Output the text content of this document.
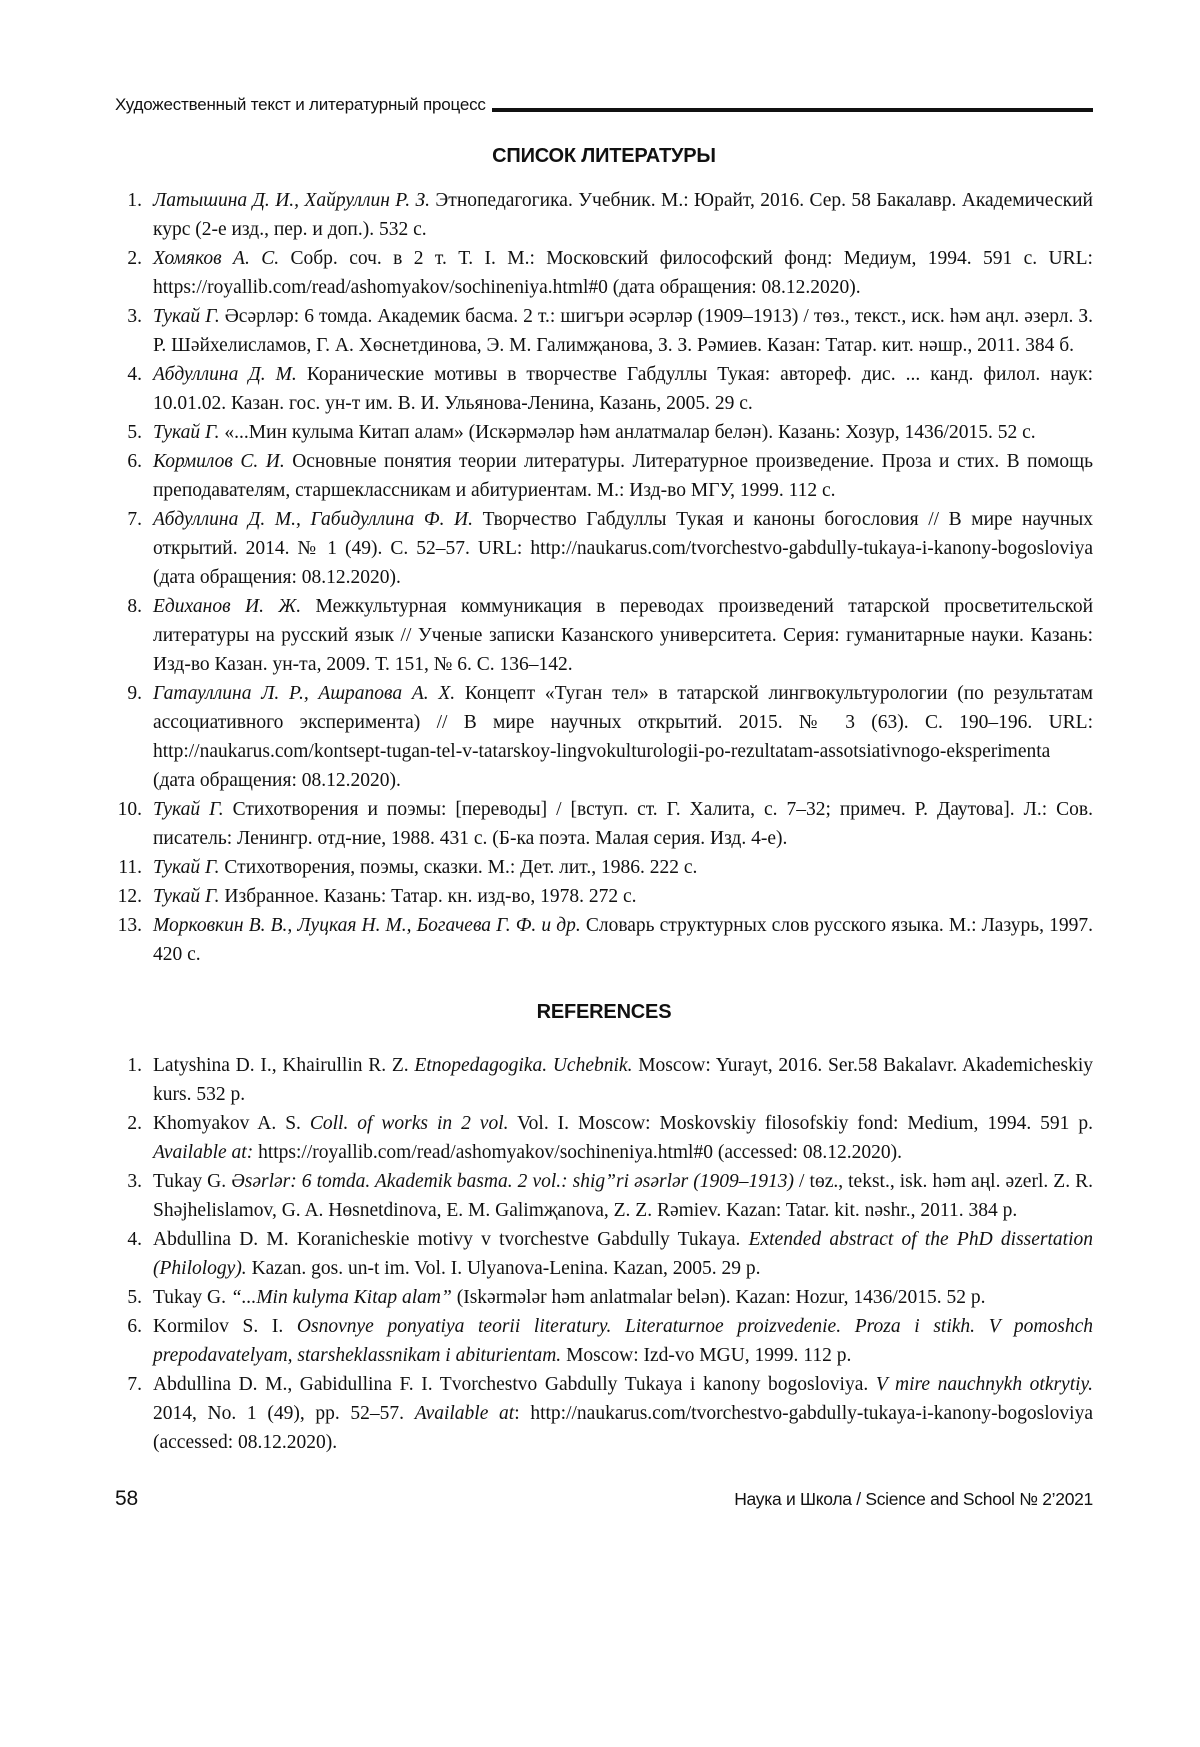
Художественный текст и литературный процесс
СПИСОК ЛИТЕРАТУРЫ
1. Латышина Д. И., Хайруллин Р. З. Этнопедагогика. Учебник. М.: Юрайт, 2016. Сер. 58 Бакалавр. Академический курс (2-е изд., пер. и доп.). 532 с.
2. Хомяков А. С. Собр. соч. в 2 т. Т. I. М.: Московский философский фонд: Медиум, 1994. 591 с. URL: https://royallib.com/read/ashomyakov/sochineniya.html#0 (дата обращения: 08.12.2020).
3. Тукай Г. Әсәрләр: 6 томда. Академик басма. 2 т.: шигъри әсәрләр (1909–1913) / төз., текст., иск. һәм аңл. әзерл. З. Р. Шәйхелисламов, Г. А. Хөснетдинова, Э. М. Галимҗанова, З. З. Рәмиев. Казан: Татар. кит. нәшр., 2011. 384 б.
4. Абдуллина Д. М. Коранические мотивы в творчестве Габдуллы Тукая: автореф. дис. ... канд. филол. наук: 10.01.02. Казан. гос. ун-т им. В. И. Ульянова-Ленина, Казань, 2005. 29 с.
5. Тукай Г. «...Мин кулыма Китап алам» (Искәрмәләр һәм анлатмалар белән). Казань: Хозур, 1436/2015. 52 с.
6. Кормилов С. И. Основные понятия теории литературы. Литературное произведение. Проза и стих. В помощь преподавателям, старшеклассникам и абитуриентам. М.: Изд-во МГУ, 1999. 112 с.
7. Абдуллина Д. М., Габидуллина Ф. И. Творчество Габдуллы Тукая и каноны богословия // В мире научных открытий. 2014. № 1 (49). С. 52–57. URL: http://naukarus.com/tvorchestvo-gabdully-tukaya-i-kanony-bogosloviya (дата обращения: 08.12.2020).
8. Едиханов И. Ж. Межкультурная коммуникация в переводах произведений татарской просветительской литературы на русский язык // Ученые записки Казанского университета. Серия: гуманитарные науки. Казань: Изд-во Казан. ун-та, 2009. Т. 151, № 6. С. 136–142.
9. Гатауллина Л. Р., Ашрапова А. Х. Концепт «Туган тел» в татарской лингвокультурологии (по результатам ассоциативного эксперимента) // В мире научных открытий. 2015. № 3 (63). С. 190–196. URL: http://naukarus.com/kontsept-tugan-tel-v-tatarskoy-lingvokulturologii-po-rezultatam-assotsiativnogo-eksperimenta (дата обращения: 08.12.2020).
10. Тукай Г. Стихотворения и поэмы: [переводы] / [вступ. ст. Г. Халита, с. 7–32; примеч. Р. Даутова]. Л.: Сов. писатель: Ленингр. отд-ние, 1988. 431 с. (Б-ка поэта. Малая серия. Изд. 4-е).
11. Тукай Г. Стихотворения, поэмы, сказки. М.: Дет. лит., 1986. 222 с.
12. Тукай Г. Избранное. Казань: Татар. кн. изд-во, 1978. 272 с.
13. Морковкин В. В., Луцкая Н. М., Богачева Г. Ф. и др. Словарь структурных слов русского языка. М.: Лазурь, 1997. 420 с.
REFERENCES
1. Latyshina D. I., Khairullin R. Z. Etnopedagogika. Uchebnik. Moscow: Yurayt, 2016. Ser.58 Bakalavr. Akademicheskiy kurs. 532 p.
2. Khomyakov A. S. Coll. of works in 2 vol. Vol. I. Moscow: Moskovskiy filosofskiy fond: Medium, 1994. 591 p. Available at: https://royallib.com/read/ashomyakov/sochineniya.html#0 (accessed: 08.12.2020).
3. Tukay G. Әsәrlәr: 6 tomda. Akademik basma. 2 vol.: shig”ri әsәrlәr (1909–1913) / tөz., tekst., isk. һәm aңl. әzerl. Z. R. Shәjhelislamov, G. A. Hөsnetdinova, E. M. Galimҗanova, Z. Z. Rәmiev. Kazan: Tatar. kit. nәshr., 2011. 384 p.
4. Abdullina D. M. Koranicheskie motivy v tvorchestve Gabdully Tukaya. Extended abstract of the PhD dissertation (Philology). Kazan. gos. un-t im. Vol. I. Ulyanova-Lenina. Kazan, 2005. 29 p.
5. Tukay G. “...Min kulyma Kitap alam” (Iskәrmәlәr һәm anlatmalar belәn). Kazan: Hozur, 1436/2015. 52 p.
6. Kormilov S. I. Osnovnye ponyatiya teorii literatury. Literaturnoe proizvedenie. Proza i stikh. V pomoshch prepodavatelyam, starsheklassnikam i abiturientam. Moscow: Izd-vo MGU, 1999. 112 p.
7. Abdullina D. M., Gabidullina F. I. Tvorchestvo Gabdully Tukaya i kanony bogosloviya. V mire nauchnykh otkrytiy. 2014, No. 1 (49), pp. 52–57. Available at: http://naukarus.com/tvorchestvo-gabdully-tukaya-i-kanony-bogosloviya (accessed: 08.12.2020).
58	Наука и Школа / Science and School № 2’2021
